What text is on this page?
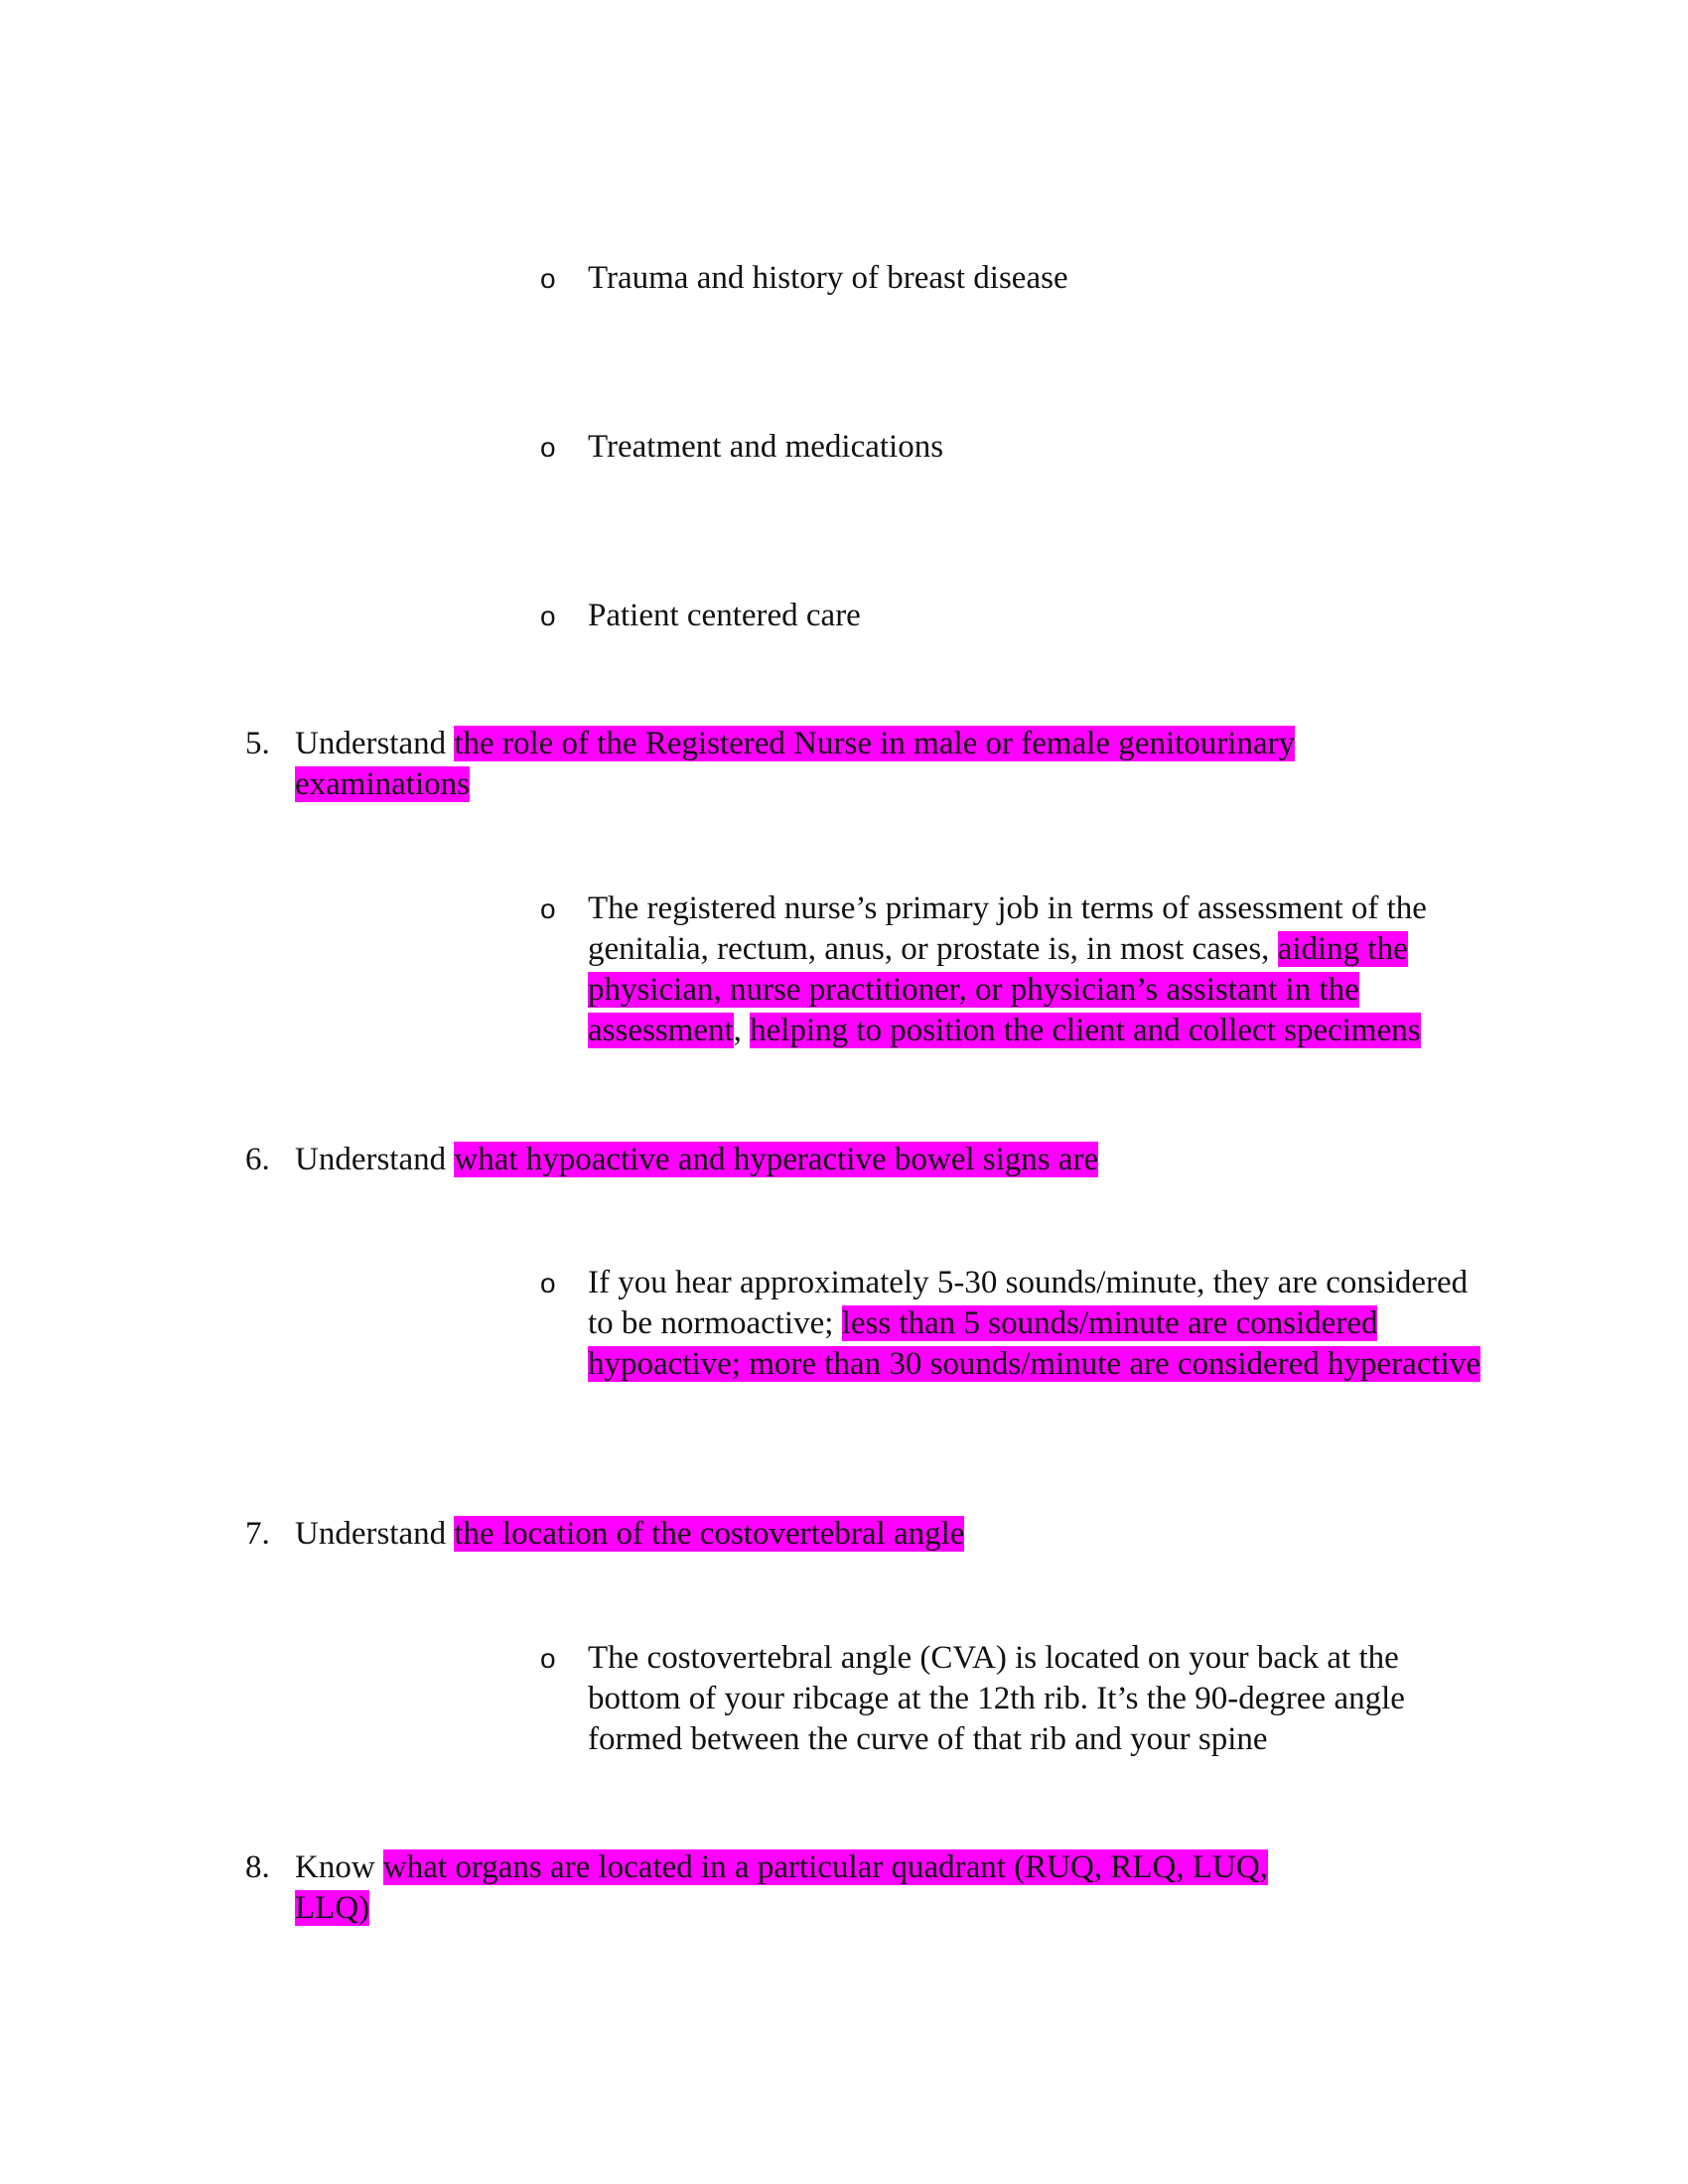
o Trauma and history of breast disease
o Treatment and medications
o Patient centered care
5. Understand the role of the Registered Nurse in male or female genitourinary
examinations
o The registered nurse’s primary job in terms of assessment of the genitalia, rectum, anus, or prostate is, in most cases, aiding the physician, nurse practitioner, or physician’s assistant in the assessment, helping to position the client and collect specimens
6. Understand what hypoactive and hyperactive bowel signs are
o If you hear approximately 5-30 sounds/minute, they are considered to be normoactive; less than 5 sounds/minute are considered hypoactive; more than 30 sounds/minute are considered hyperactive
7. Understand the location of the costovertebral angle
o The costovertebral angle (CVA) is located on your back at the bottom of your ribcage at the 12th rib. It’s the 90-degree angle formed between the curve of that rib and your spine
8. Know what organs are located in a particular quadrant (RUQ, RLQ, LUQ, LLQ)
